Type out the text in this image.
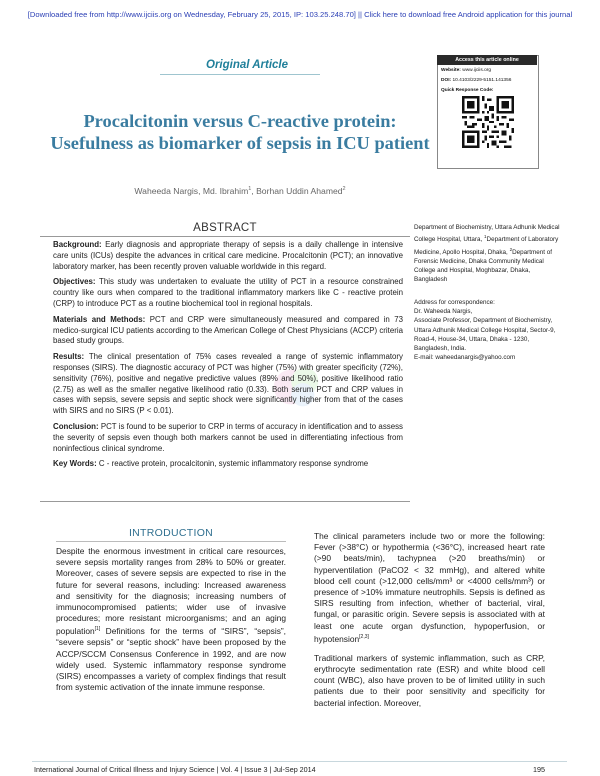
[Downloaded free from http://www.ijciis.org on Wednesday, February 25, 2015, IP: 103.25.248.70] || Click here to download free Android application for this journal
Original Article	Access this article online
Website: www.ijciis.org
DOI: 10.4103/2229-5151.141356
Quick Response Code:
Procalcitonin versus C-reactive protein: Usefulness as biomarker of sepsis in ICU patient
Waheeda Nargis, Md. Ibrahim$^1$, Borhan Uddin Ahamed$^2$
ABSTRACT

Background: Early diagnosis and appropriate therapy of sepsis is a daily challenge in intensive care units (ICUs) despite the advances in critical care medicine. Procalcitonin (PCT); an innovative laboratory marker, has been recently proven valuable worldwide in this regard.

Objectives: This study was undertaken to evaluate the utility of PCT in a resource constrained country like ours when compared to the traditional inflammatory markers like C - reactive protein (CRP) to introduce PCT as a routine biochemical tool in regional hospitals.

Materials and Methods: PCT and CRP were simultaneously measured and compared in 73 medico-surgical ICU patients according to the American College of Chest Physicians (ACCP) criteria based study groups.

Results: The clinical presentation of 75% cases revealed a range of systemic inflammatory responses (SIRS). The diagnostic accuracy of PCT was higher (75%) with greater specificity (72%), sensitivity (76%), positive and negative predictive values (89% and 50%), positive likelihood ratio (2.75) as well as the smaller negative likelihood ratio (0.33). Both serum PCT and CRP values in cases with sepsis, severe sepsis and septic shock were significantly higher from that of the cases with SIRS and no SIRS (P < 0.01).

Conclusion: PCT is found to be superior to CRP in terms of accuracy in identification and to assess the severity of sepsis even though both markers cannot be used in differentiating infectious from noninfectious clinical syndrome.

Key Words: C - reactive protein, procalcitonin, systemic inflammatory response syndrome

Department of Biochemistry, Uttara Adhunik Medical College Hospital, Uttara, $^1$Department of Laboratory Medicine, Apollo Hospital, Dhaka, $^2$Department of Forensic Medicine, Dhaka Community Medical College and Hospital, Moghbazar, Dhaka, Bangladesh
Address for correspondence:
Dr. Waheeda Nargis,
Associate Professor, Department of Biochemistry, Uttara Adhunik Medical College Hospital, Sector-9, Road-4, House-34, Uttara, Dhaka - 1230, Bangladesh, India.
E-mail: waheedanargis@yahoo.com
INTRODUCTION

Despite the enormous investment in critical care resources, severe sepsis mortality ranges from 28% to 50% or greater. Moreover, cases of severe sepsis are expected to rise in the future for several reasons, including: Increased awareness and sensitivity for the diagnosis; increasing numbers of immunocompromised patients; wider use of invasive procedures; more resistant microorganisms; and an aging population[1] Definitions for the terms of “SIRS”, “sepsis”, “severe sepsis” or “septic shock” have been proposed by the ACCP/SCCM Consensus Conference in 1992, and are now widely used. Systemic inflammatory response syndrome (SIRS) encompasses a variety of complex findings that result from systemic activation of the innate immune response.

The clinical parameters include two or more the following: Fever (>38°C) or hypothermia (<36°C), increased heart rate (>90 beats/min), tachypnea (>20 breaths/min) or hyperventilation (PaCO2 < 32 mmHg), and altered white blood cell count (>12,000 cells/mm³ or <4000 cells/mm³) or presence of >10% immature neutrophils. Sepsis is defined as SIRS resulting from infection, whether of bacterial, viral, fungal, or parasitic origin. Severe sepsis is associated with at least one acute organ dysfunction, hypoperfusion, or hypotension[2,3]

Traditional markers of systemic inflammation, such as CRP, erythrocyte sedimentation rate (ESR) and white blood cell count (WBC), also have proven to be of limited utility in such patients due to their poor sensitivity and specificity for bacterial infection. Moreover,

International Journal of Critical Illness and Injury Science | Vol. 4 | Issue 3 | Jul-Sep 2014	195
